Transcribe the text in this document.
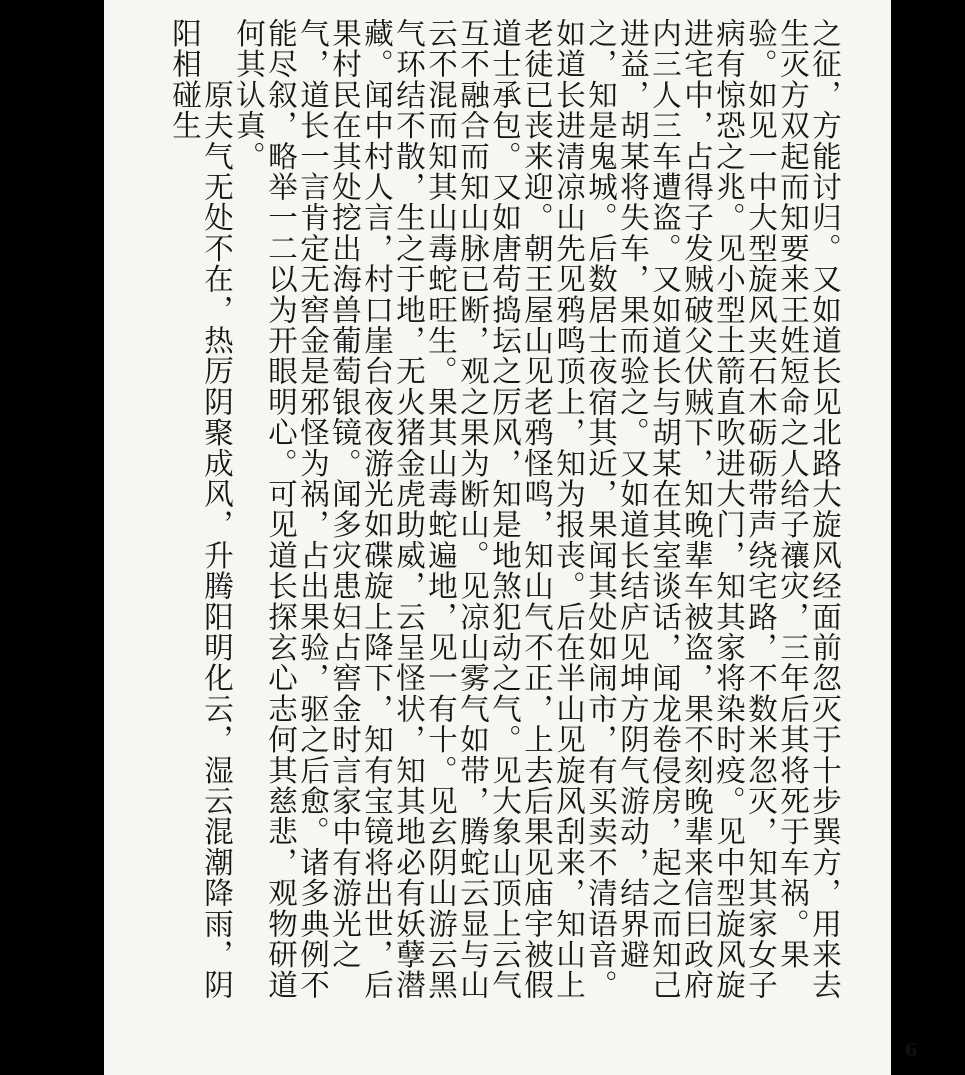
之征，方能讨归。又如道长见北路大旋风经面前忽灭于十步巽方，用来去生灭方双起而知要来王姓短命之人给子禳灾，三年后其将死于车祸。果验。如见一中大型旋风夹石木砺砺带声绕宅路，不数米忽灭，知其家女子病有惊恐之兆。见小型土箭直吹进大门，知其家将染时疫。见中型旋风旋进宅中，占得子发贼破父伏贼下，知晚辈车被盗，果不刻晚辈来信曰政府内三人三车遭盗。又如道长与胡某在其室谈话，闻龙卷侵房，起之而知己进益，胡某将失车，果而验之。又如道长结庐见坤方阴气游动，结界避之，知是鬼城。后数居士夜宿其近，果闻其处如闹市，有买卖不清语音。如道长进清凉山先见鸦鸣顶上，知为报丧。后在半山见旋风刮来，知山上老徒已丧来迎。朝王屋山见老鸦怪鸣，知山气不正，上去后果见庙宇被假道士承包。又如唐苟捣坛之厉风，知是地煞犯动之气。见大象山顶上云气互不融合而知山脉已断，观之果为断山。见凉山雾气如带，腾蛇云显与山云不混而知其山毒蛇旺生。果其山毒蛇遍地，见一有十。见玄阴山游云黑气环结不散，生之于地，无火猪金虎助威，云呈怪状，知其地必有妖孽潜藏。闻中村人言，村口崖台夜夜游光如碟旋上降下，知有宝镜将出世，后果村民在其处挖出海兽葡萄银镜。闻多灾患妇占窖金时言家中有游光之气，道长一言肯定无窖金是邪怪为祸，占出果验，驱之后愈。诸多典例不能尽叙，略举一二以为开眼明心。可见道长探玄心志何其慈悲，观物研道何其认真。

　　原夫气无处不在，热厉阴聚成风，升腾阳明化云，湿云混潮降雨，阴阳相碰生

6
